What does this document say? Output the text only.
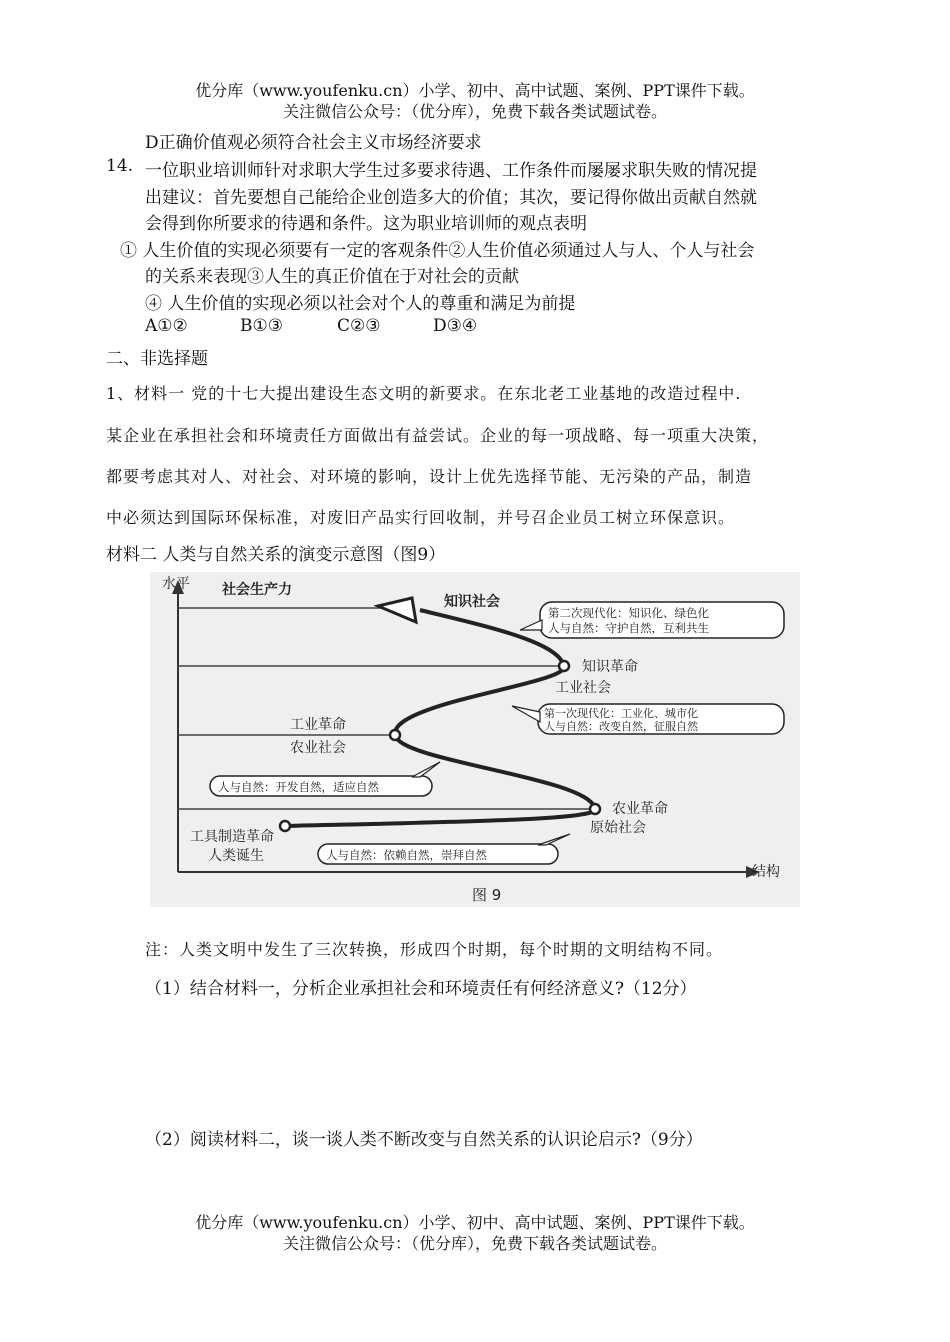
优分库（www.youfenku.cn）小学、初中、高中试题、案例、PPT课件下载。
关注微信公众号：（优分库），免费下载各类试题试卷。
D正确价值观必须符合社会主义市场经济要求
14. 一位职业培训师针对求职大学生过多要求待遇、工作条件而屡屡求职失败的情况提
出建议：首先要想自己能给企业创造多大的价值；其次，要记得你做出贡献自然就
会得到你所要求的待遇和条件。这为职业培训师的观点表明
① 人生价值的实现必须要有一定的客观条件②人生价值必须通过人与人、个人与社会
的关系来表现③人生的真正价值在于对社会的贡献
④ 人生价值的实现必须以社会对个人的尊重和满足为前提
A①②	B①③	C②③	D③④
二、非选择题
1、材料一 党的十七大提出建设生态文明的新要求。在东北老工业基地的改造过程中.
某企业在承担社会和环境责任方面做出有益尝试。企业的每一项战略、每一项重大决策，
都要考虑其对人、对社会、对环境的影响，设计上优先选择节能、无污染的产品，制造
中必须达到国际环保标准，对废旧产品实行回收制，并号召企业员工树立环保意识。
材料二 人类与自然关系的演变示意图（图9）
水平
结构
社会生产力
知识社会
知识革命
工业社会
工业革命
农业社会
农业革命
原始社会
工具制造革命
人类诞生
第二次现代化：知识化、绿色化
人与自然：守护自然，互利共生
第一次现代化：工业化、城市化
人与自然：改变自然，征服自然
人与自然：开发自然，适应自然
人与自然：依赖自然，崇拜自然
图 9
注：人类文明中发生了三次转换，形成四个时期，每个时期的文明结构不同。
（1）结合材料一，分析企业承担社会和环境责任有何经济意义?（12分）
（2）阅读材料二，谈一谈人类不断改变与自然关系的认识论启示?（9分）
优分库（www.youfenku.cn）小学、初中、高中试题、案例、PPT课件下载。
关注微信公众号：（优分库），免费下载各类试题试卷。
